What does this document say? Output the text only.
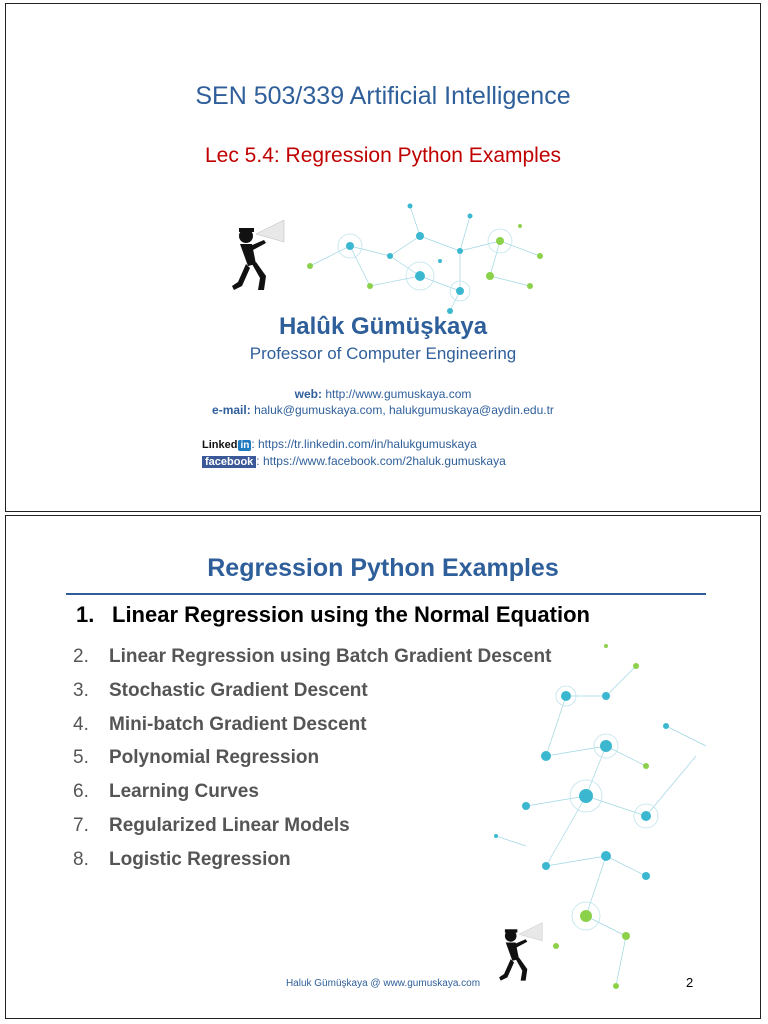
SEN 503/339 Artificial Intelligence
Lec 5.4: Regression Python Examples
Halûk Gümüşkaya
Professor of Computer Engineering
web: http://www.gumuskaya.com
e-mail: haluk@gumuskaya.com, halukgumuskaya@aydin.edu.tr
Linked in : https://tr.linkedin.com/in/halukgumuskaya
facebook : https://www.facebook.com/2haluk.gumuskaya
Regression Python Examples
1. Linear Regression using the Normal Equation
2. Linear Regression using Batch Gradient Descent
3. Stochastic Gradient Descent
4. Mini-batch Gradient Descent
5. Polynomial Regression
6. Learning Curves
7. Regularized Linear Models
8. Logistic Regression
Haluk Gümüşkaya @ www.gumuskaya.com	2
